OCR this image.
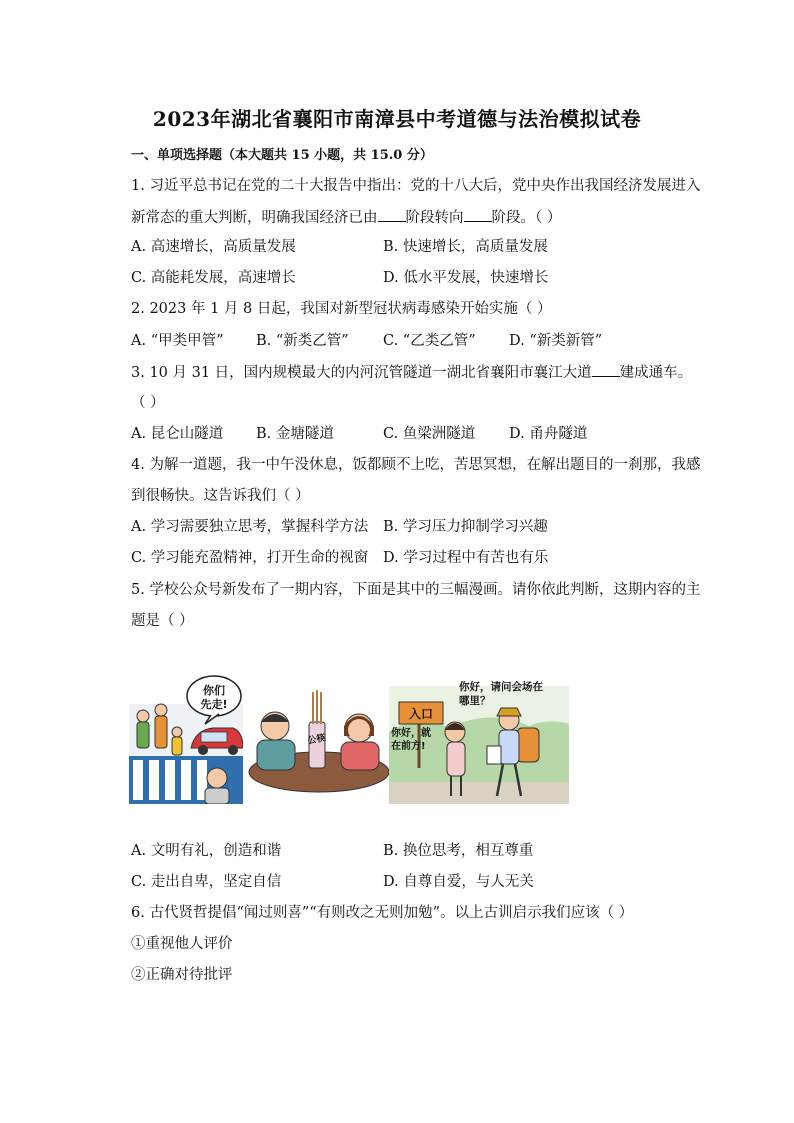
2023年湖北省襄阳市南漳县中考道德与法治模拟试卷
一、单项选择题（本大题共 15 小题，共 15.0 分）
1. 习近平总书记在党的二十大报告中指出：党的十八大后，党中央作出我国经济发展进入
新常态的重大判断，明确我国经济已由 阶段转向 阶段。（ ）
A. 高速增长，高质量发展	B. 快速增长，高质量发展
C. 高能耗发展，高速增长	D. 低水平发展，快速增长
2. 2023 年 1 月 8 日起，我国对新型冠状病毒感染开始实施（ ）
A. “甲类甲管” B. “新类乙管” C. “乙类乙管” D. “新类新管”
3. 10 月 31 日，国内规模最大的内河沉管隧道一湖北省襄阳市襄江大道 建成通车。
（ ）
A. 昆仑山隧道 B. 金塘隧道	C. 鱼梁洲隧道 D. 甬舟隧道
4. 为解一道题，我一中午没休息，饭都顾不上吃，苦思冥想，在解出题目的一刹那，我感
到很畅快。这告诉我们（ ）
A. 学习需要独立思考，掌握科学方法 B. 学习压力抑制学习兴趣
C. 学习能充盈精神，打开生命的视窗 D. 学习过程中有苦也有乐
5. 学校公众号新发布了一期内容，下面是其中的三幅漫画。请你依此判断，这期内容的主
题是（ ）
你们
先走!
公筷
入口
你好，请问会场在
哪里？
你好，就
在前方!
A. 文明有礼，创造和谐	B. 换位思考，相互尊重
C. 走出自卑，坚定自信	D. 自尊自爱，与人无关
6. 古代贤哲提倡“闻过则喜”“有则改之无则加勉”。以上古训启示我们应该（ ）
①重视他人评价
②正确对待批评
